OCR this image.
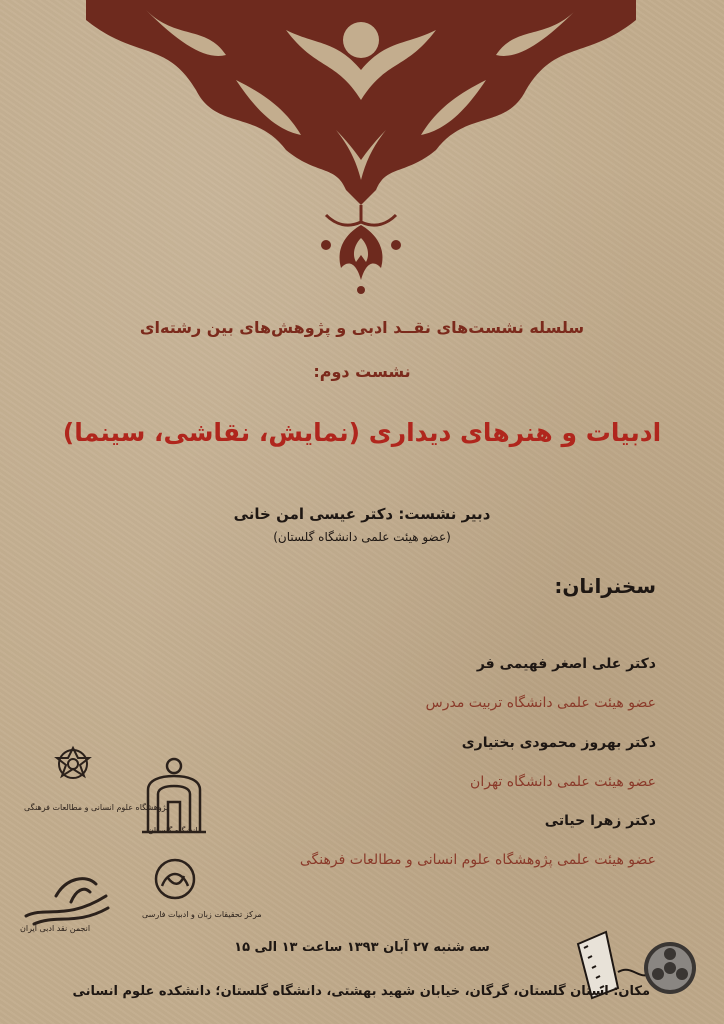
سلسله نشست‌های نقــد ادبی و پژوهش‌های بین رشته‌ای
نشست دوم:
ادبیات و هنرهای دیداری (نمایش، نقاشی، سینما)
دبیر نشست: دکتر عیسی امن خانی
(عضو هیئت علمی دانشگاه گلستان)
سخنرانان:
دکتر علی اصغر فهیمی فر
عضو هیئت علمی دانشگاه تربیت مدرس
دکتر بهروز محمودی بختیاری
عضو هیئت علمی دانشگاه تهران
دکتر زهرا حیاتی
عضو هیئت علمی پژوهشگاه علوم انسانی و مطالعات فرهنگی
پژوهشگاه علوم انسانی و مطالعات فرهنگی
دانشگاه گلستان
انجمن نقد ادبی ایران
مرکز تحقیقات زبان و ادبیات فارسی
سه شنبه ۲۷ آبان ۱۳۹۳ ساعت ۱۳ الی ۱۵
مکان: استان گلستان، گرگان، خیابان شهید بهشتی، دانشگاه گلستان؛ دانشکده علوم انسانی
